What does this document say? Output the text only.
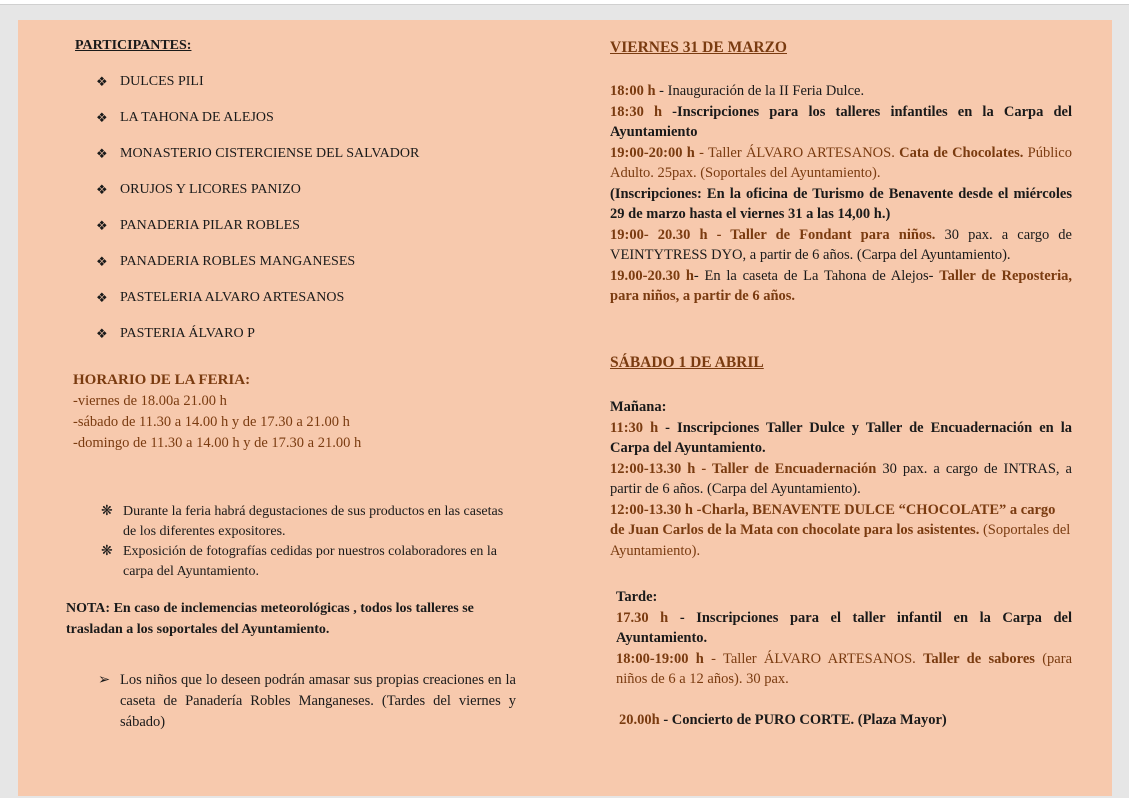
PARTICIPANTES:
❖ DULCES PILI
❖ LA TAHONA DE ALEJOS
❖ MONASTERIO CISTERCIENSE DEL SALVADOR
❖ ORUJOS Y LICORES PANIZO
❖ PANADERIA PILAR ROBLES
❖ PANADERIA ROBLES MANGANESES
❖ PASTELERIA ALVARO ARTESANOS
❖ PASTERIA ÁLVARO P
HORARIO DE LA FERIA:
-viernes de 18.00a 21.00 h
-sábado de 11.30 a 14.00 h y de 17.30 a 21.00 h
-domingo de 11.30 a 14.00 h y de 17.30 a 21.00 h
❋ Durante la feria habrá degustaciones de sus productos en las casetas de los diferentes expositores.
❋ Exposición de fotografías cedidas por nuestros colaboradores en la carpa del Ayuntamiento.
NOTA: En caso de inclemencias meteorológicas , todos los talleres se trasladan a los soportales del Ayuntamiento.
➢ Los niños que lo deseen podrán amasar sus propias creaciones en la caseta de Panadería Robles Manganeses. (Tardes del viernes y sábado)
VIERNES 31 DE MARZO

18:00 h - Inauguración de la II Feria Dulce.

18:30 h -Inscripciones para los talleres infantiles en la Carpa del Ayuntamiento

19:00-20:00 h - Taller ÁLVARO ARTESANOS. Cata de Chocolates. Público Adulto. 25pax. (Soportales del Ayuntamiento).

(Inscripciones: En la oficina de Turismo de Benavente desde el miércoles 29 de marzo hasta el viernes 31 a las 14,00 h.)

19:00- 20.30 h - Taller de Fondant para niños. 30 pax. a cargo de VEINTYTRESS DYO, a partir de 6 años. (Carpa del Ayuntamiento).

19.00-20.30 h- En la caseta de La Tahona de Alejos- Taller de Reposteria, para niños, a partir de 6 años.

SÁBADO 1 DE ABRIL

Mañana:

11:30 h - Inscripciones Taller Dulce y Taller de Encuadernación en la Carpa del Ayuntamiento.

12:00-13.30 h - Taller de Encuadernación 30 pax. a cargo de INTRAS, a partir de 6 años. (Carpa del Ayuntamiento).

12:00-13.30 h -Charla, BENAVENTE DULCE “CHOCOLATE” a cargo de Juan Carlos de la Mata con chocolate para los asistentes. (Soportales del Ayuntamiento).

Tarde:

17.30 h - Inscripciones para el taller infantil en la Carpa del Ayuntamiento.

18:00-19:00 h - Taller ÁLVARO ARTESANOS. Taller de sabores (para niños de 6 a 12 años). 30 pax.

20.00h - Concierto de PURO CORTE. (Plaza Mayor)
